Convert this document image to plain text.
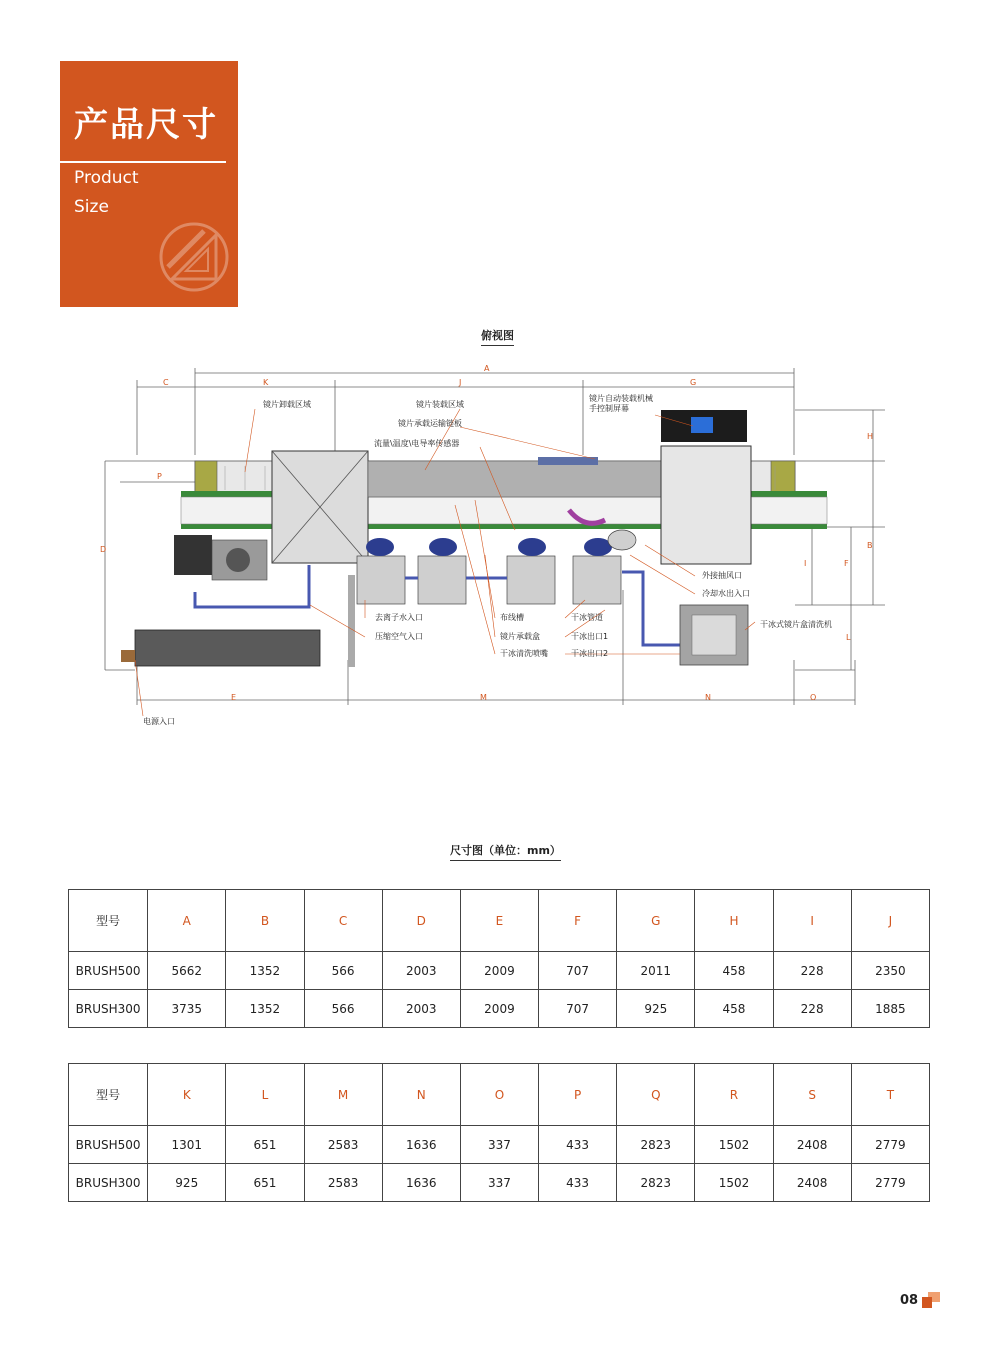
产品尺寸
Product
Size
俯视图
A
C	K	J	G
H
B
D
P
I	F
L
E	M	N	O
镜片卸载区域	镜片装载区域
镜片承载运输链板
流量\温度\电导率传感器
镜片自动装载机械
手控制屏幕
外接抽风口
冷却水出入口
干冰式镜片盒清洗机
去离子水入口
压缩空气入口
布线槽
镜片承载盒
干冰清洗喷嘴
干冰管道
干冰出口1
干冰出口2
电源入口
尺寸图（单位：mm）
型号	A	B	C	D	E	F	G	H	I	J
BRUSH500	5662	1352	566	2003	2009	707	2011	458	228	2350
BRUSH300	3735	1352	566	2003	2009	707	925	458	228	1885
型号	K	L	M	N	O	P	Q	R	S	T
BRUSH500	1301	651	2583	1636	337	433	2823	1502	2408	2779
BRUSH300	925	651	2583	1636	337	433	2823	1502	2408	2779
08
